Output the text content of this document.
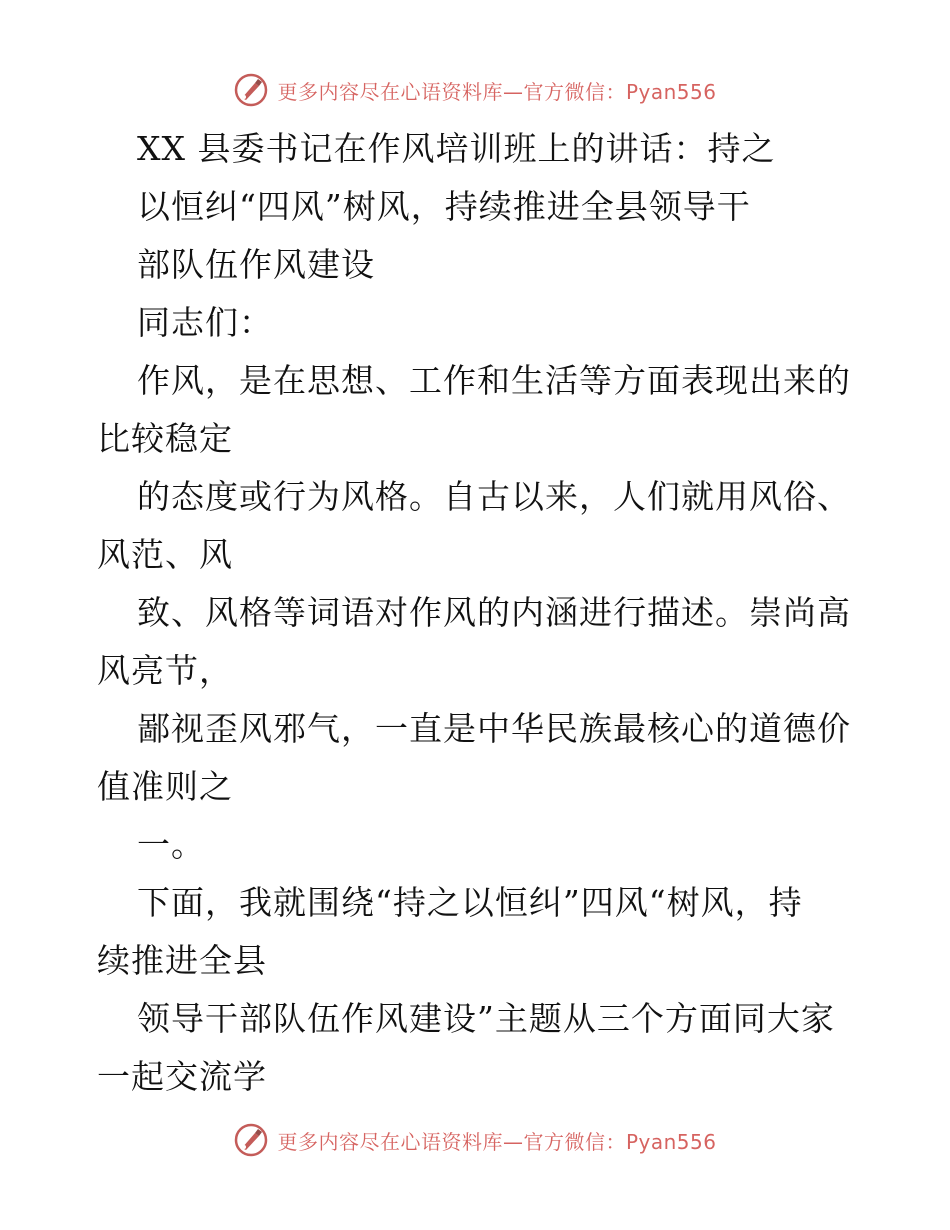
更多内容尽在心语资料库—官方微信：Pyan556
XX 县委书记在作风培训班上的讲话：持之
以恒纠“四风”树风，持续推进全县领导干
部队伍作风建设
同志们：
作风，是在思想、工作和生活等方面表现出来的
比较稳定
的态度或行为风格。自古以来，人们就用风俗、
风范、风
致、风格等词语对作风的内涵进行描述。崇尚高
风亮节，
鄙视歪风邪气，一直是中华民族最核心的道德价
值准则之
一。
下面，我就围绕“持之以恒纠”四风“树风，持
续推进全县
领导干部队伍作风建设”主题从三个方面同大家
一起交流学
更多内容尽在心语资料库—官方微信：Pyan556
